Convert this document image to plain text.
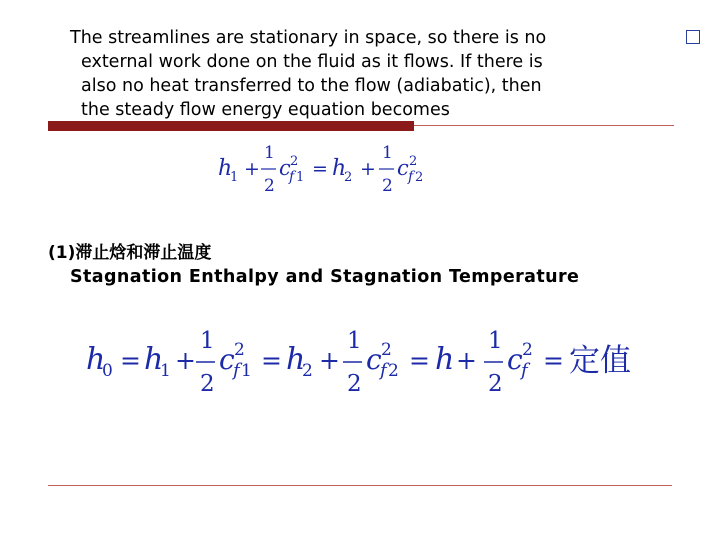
The streamlines are stationary in space, so there is no
external work done on the fluid as it flows. If there is
also no heat transferred to the flow (adiabatic), then
the steady flow energy equation becomes
h
1 +
1
2
c 2
f 1 = h
2 +
1
2
c 2
f 2
(1)滞止焓和滞止温度
Stagnation Enthalpy and Stagnation Temperature
h
0 = h
1 +
1
2
c 2
f 1 = h
2 +
1
2
c 2
f 2 = h +
1
2
c 2
f = 定值
